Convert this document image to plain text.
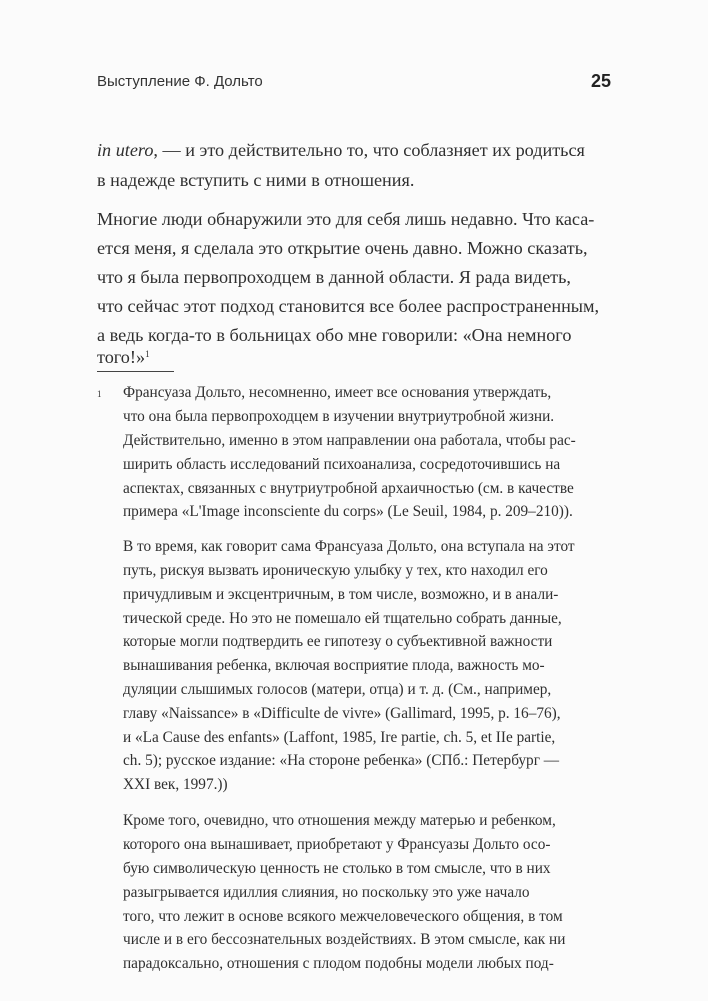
Выступление Ф. Дольто	25
in utero, — и это действительно то, что соблазняет их родиться
в надежде вступить с ними в отношения.
Многие люди обнаружили это для себя лишь недавно. Что каса-
ется меня, я сделала это открытие очень давно. Можно сказать,
что я была первопроходцем в данной области. Я рада видеть,
что сейчас этот подход становится все более распространенным,
а ведь когда-то в больницах обо мне говорили: «Она немного
того!»$^1$
1 Франсуаза Дольто, несомненно, имеет все основания утверждать,
что она была первопроходцем в изучении внутриутробной жизни.
Действительно, именно в этом направлении она работала, чтобы рас-
ширить область исследований психоанализа, сосредоточившись на
аспектах, связанных с внутриутробной архаичностью (см. в качестве
примера «L'Image inconsciente du corps» (Le Seuil, 1984, p. 209–210)).
В то время, как говорит сама Франсуаза Дольто, она вступала на этот
путь, рискуя вызвать ироническую улыбку у тех, кто находил его
причудливым и эксцентричным, в том числе, возможно, и в анали-
тической среде. Но это не помешало ей тщательно собрать данные,
которые могли подтвердить ее гипотезу о субъективной важности
вынашивания ребенка, включая восприятие плода, важность мо-
дуляции слышимых голосов (матери, отца) и т. д. (См., например,
главу «Naissance» в «Difficulte de vivre» (Gallimard, 1995, p. 16–76),
и «La Cause des enfants» (Laffont, 1985, Ire partie, ch. 5, et IIe partie,
ch. 5); русское издание: «На стороне ребенка» (СПб.: Петербург —
XXI век, 1997.))
Кроме того, очевидно, что отношения между матерью и ребенком,
которого она вынашивает, приобретают у Франсуазы Дольто осо-
бую символическую ценность не столько в том смысле, что в них
разыгрывается идиллия слияния, но поскольку это уже начало
того, что лежит в основе всякого межчеловеческого общения, в том
числе и в его бессознательных воздействиях. В этом смысле, как ни
парадоксально, отношения с плодом подобны модели любых под-
